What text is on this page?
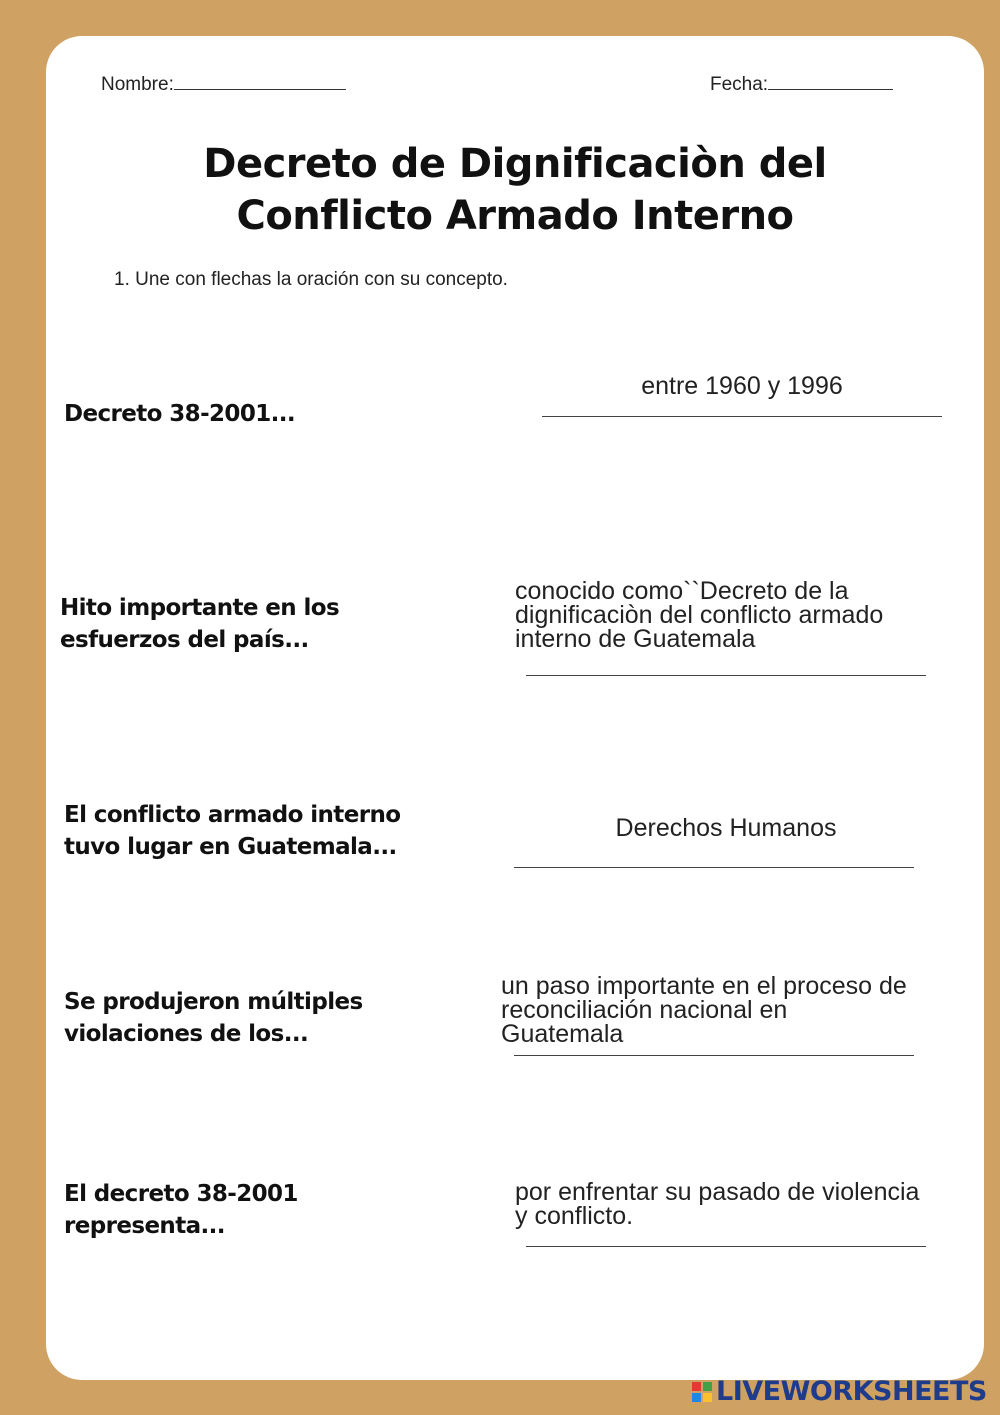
Nombre:	Fecha:
Decreto de Dignificaciòn del
Conflicto Armado Interno
1. Une con flechas la oración con su concepto.
Decreto 38-2001...
Hito importante en los
esfuerzos del país...
El conflicto armado interno
tuvo lugar en Guatemala...
Se produjeron múltiples
violaciones de los...
El decreto 38-2001
representa...
entre 1960 y 1996
conocido como``Decreto de la
dignificaciòn del conflicto armado
interno de Guatemala
Derechos Humanos
un paso importante en el proceso de
reconciliación nacional en
Guatemala
por enfrentar su pasado de violencia
y conflicto.
LIVEWORKSHEETS
